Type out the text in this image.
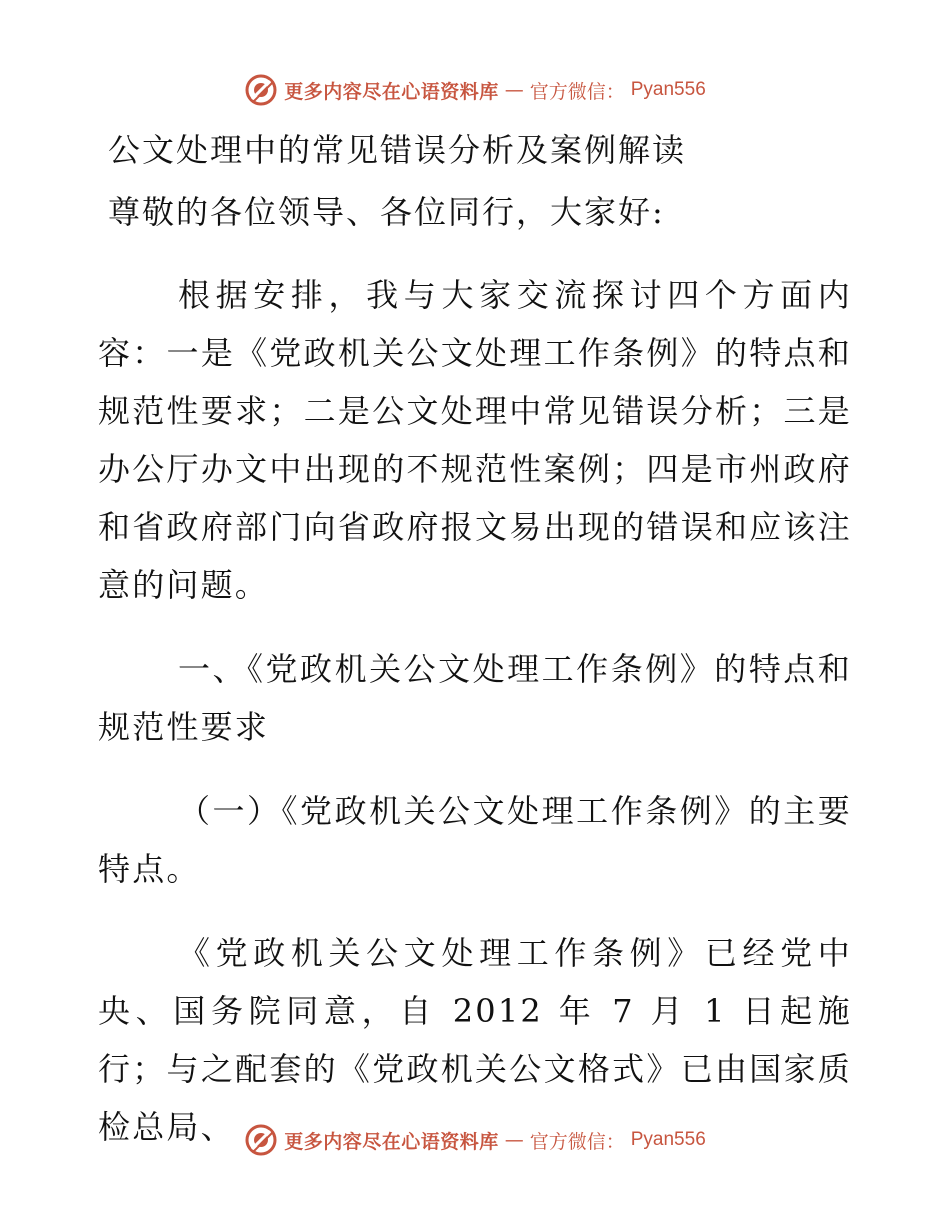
更多内容尽在心语资料库 — 官方微信： Pyan556
公文处理中的常见错误分析及案例解读
尊敬的各位领导、各位同行，大家好:
根据安排，我与大家交流探讨四个方面内容：一是《党政机关公文处理工作条例》的特点和规范性要求；二是公文处理中常见错误分析；三是办公厅办文中出现的不规范性案例；四是市州政府和省政府部门向省政府报文易出现的错误和应该注意的问题。
一、《党政机关公文处理工作条例》的特点和规范性要求
（一）《党政机关公文处理工作条例》的主要特点。
《党政机关公文处理工作条例》已经党中央、国务院同意，自 2012 年 7 月 1 日起施行；与之配套的《党政机关公文格式》已由国家质检总局、	更多内容尽在心语资料库 — 官方微信： Pyan556
